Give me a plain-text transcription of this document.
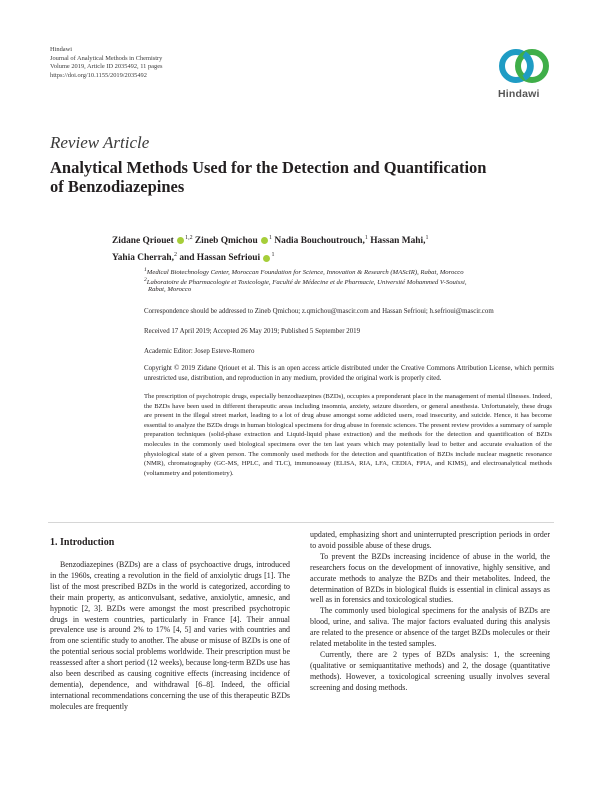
Hindawi
Journal of Analytical Methods in Chemistry
Volume 2019, Article ID 2035492, 11 pages
https://doi.org/10.1155/2019/2035492
Hindawi
Review Article
Analytical Methods Used for the Detection and Quantification of Benzodiazepines
Zidane Qriouet $^{1,2}$ Zineb Qmichou $^1$ Nadia Bouchoutrouch,$^1$ Hassan Mahi,$^1$
Yahia Cherrah,$^2$ and Hassan Sefrioui $^1$
$^1$Medical Biotechnology Center, Moroccan Foundation for Science, Innovation & Research (MAScIR), Rabat, Morocco
$^2$Laboratoire de Pharmacologie et Toxicologie, Faculté de Médecine et de Pharmacie, Université Mohammed V-Souissi,
Rabat, Morocco
Correspondence should be addressed to Zineb Qmichou; z.qmichou@mascir.com and Hassan Sefrioui; h.sefrioui@mascir.com
Received 17 April 2019; Accepted 26 May 2019; Published 5 September 2019
Academic Editor: Josep Esteve-Romero
Copyright © 2019 Zidane Qriouet et al. This is an open access article distributed under the Creative Commons Attribution License, which permits unrestricted use, distribution, and reproduction in any medium, provided the original work is properly cited.
The prescription of psychotropic drugs, especially benzodiazepines (BZDs), occupies a preponderant place in the management of mental illnesses. Indeed, the BZDs have been used in different therapeutic areas including insomnia, anxiety, seizure disorders, or general anesthesia. Unfortunately, these drugs are present in the illegal street market, leading to a lot of drug abuse amongst some addicted users, road insecurity, and suicide. Hence, it has become essential to analyze the BZDs drugs in human biological specimens for drug abuse in forensic sciences. The present review provides a summary of sample preparation techniques (solid-phase extraction and Liquid-liquid phase extraction) and the methods for the detection and quantification of BZDs molecules in the commonly used biological specimens over the ten last years which may potentially lead to better and accurate evaluation of the physiological state of a given person. The commonly used methods for the detection and quantification of BZDs include nuclear magnetic resonance (NMR), chromatography (GC-MS, HPLC, and TLC), immunoassay (ELISA, RIA, LFA, CEDIA, FPIA, and KIMS), and electroanalytical methods (voltammetry and potentiometry).
1. Introduction

Benzodiazepines (BZDs) are a class of psychoactive drugs, introduced in the 1960s, creating a revolution in the field of anxiolytic drugs [1]. The list of the most prescribed BZDs in the world is categorized, according to their main property, as anticonvulsant, sedative, anxiolytic, amnesic, and hypnotic [2, 3]. BZDs were amongst the most prescribed psychotropic drugs in western countries, particularly in France [4]. Their annual prevalence use is around 2% to 17% [4, 5] and varies with countries and from one scientific study to another. The abuse or misuse of BZDs is one of the potential serious social problems worldwide. Their prescription must be reassessed after a short period (12 weeks), because long-term BZDs use has also been described as causing cognitive effects (increasing incidence of dementia), dependence, and withdrawal [6–8]. Indeed, the official international recommendations concerning the use of this therapeutic BZDs molecules are frequently

updated, emphasizing short and uninterrupted prescription periods in order to avoid possible abuse of these drugs.

To prevent the BZDs increasing incidence of abuse in the world, the researchers focus on the development of innovative, highly sensitive, and accurate methods to analyze the BZDs and their metabolites. Indeed, the determination of BZDs in biological fluids is essential in clinical assays as well as in forensics and toxicological studies.

The commonly used biological specimens for the analysis of BZDs are blood, urine, and saliva. The major factors evaluated during this analysis are related to the presence or absence of the target BZDs molecules or their related metabolite in the tested samples.

Currently, there are 2 types of BZDs analysis: 1, the screening (qualitative or semiquantitative methods) and 2, the dosage (quantitative methods). However, a toxicological screening usually involves several screening and dosing methods.
